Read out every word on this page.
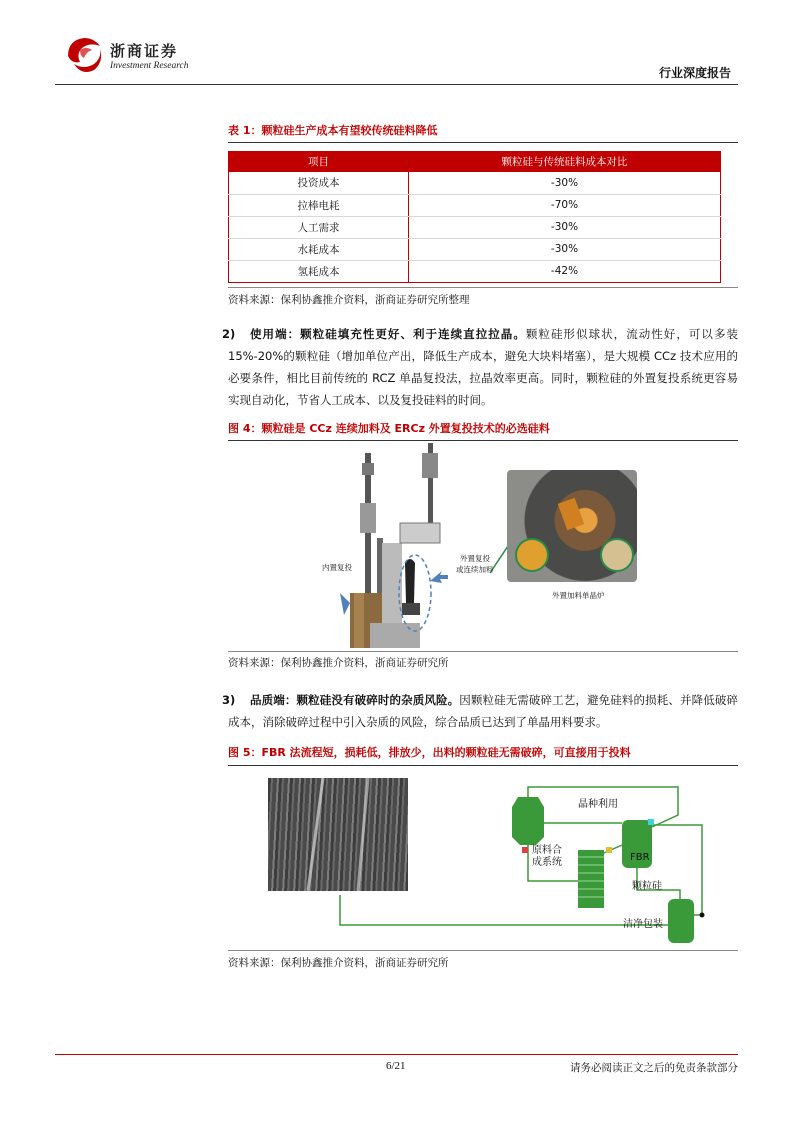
浙商证券
Investment Research	行业深度报告
表 1：颗粒硅生产成本有望较传统硅料降低
项目	颗粒硅与传统硅料成本对比
投资成本	-30%
拉棒电耗	-70%
人工需求	-30%
水耗成本	-30%
氢耗成本	-42%
资料来源：保利协鑫推介资料，浙商证券研究所整理
2) 使用端：颗粒硅填充性更好、利于连续直拉拉晶。颗粒硅形似球状，流动性好，可以多装 15%-20%的颗粒硅（增加单位产出，降低生产成本，避免大块料堵塞），是大规模 CCz 技术应用的必要条件，相比目前传统的 RCZ 单晶复投法，拉晶效率更高。同时，颗粒硅的外置复投系统更容易实现自动化，节省人工成本、以及复投硅料的时间。
图 4：颗粒硅是 CCz 连续加料及 ERCz 外置复投技术的必选硅料
内置复投
外置复投
或连续加料
外置加料单晶炉
资料来源：保利协鑫推介资料，浙商证券研究所
3) 品质端：颗粒硅没有破碎时的杂质风险。因颗粒硅无需破碎工艺，避免硅料的损耗、并降低破碎成本，消除破碎过程中引入杂质的风险，综合品质已达到了单晶用料要求。
图 5：FBR 法流程短，损耗低，排放少，出料的颗粒硅无需破碎，可直接用于投料
晶种利用
原料合
成系统	FBR
颗粒硅
洁净包装
资料来源：保利协鑫推介资料，浙商证券研究所
6/21	请务必阅读正文之后的免责条款部分
